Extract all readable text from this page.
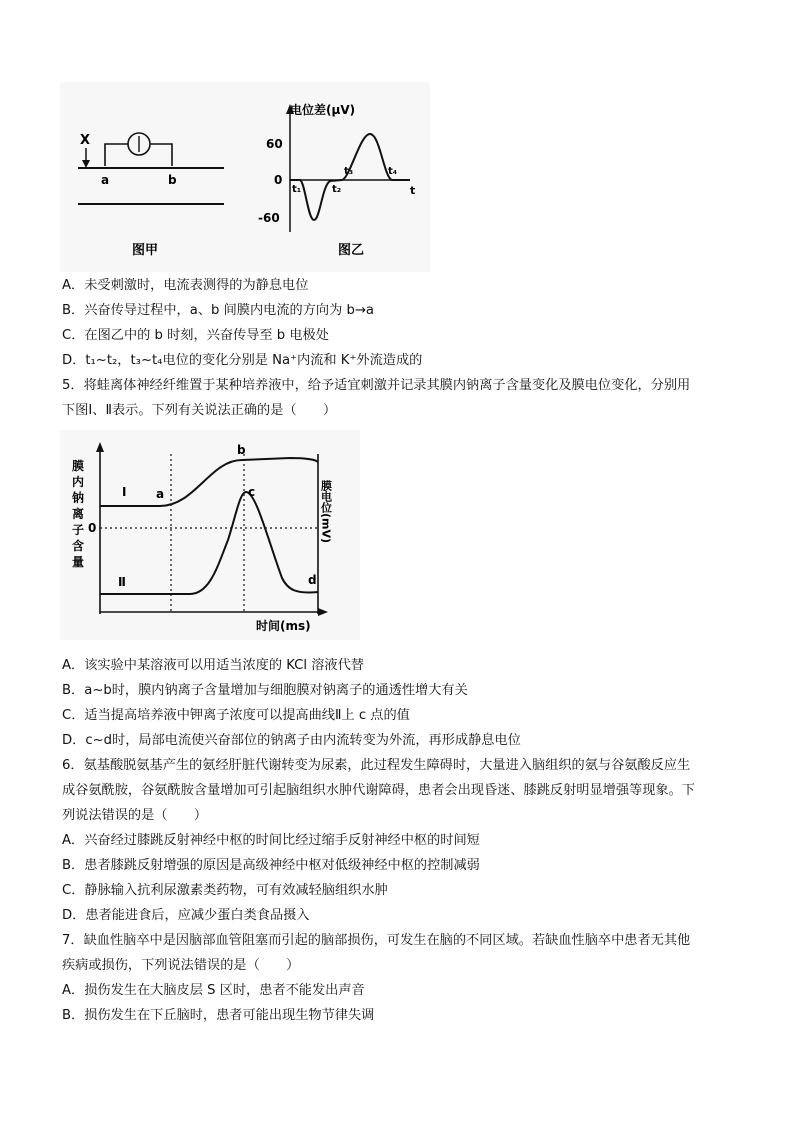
X
a	b
图甲
电位差(μV)
60
0
-60
t₁	t₂
t₃	t₄
t
图乙
A．未受刺激时，电流表测得的为静息电位
B．兴奋传导过程中，a、b 间膜内电流的方向为 b→a
C．在图乙中的 b 时刻，兴奋传导至 b 电极处
D．t₁~t₂，t₃~t₄电位的变化分别是 Na⁺内流和 K⁺外流造成的
5．将蛙离体神经纤维置于某种培养液中，给予适宜刺激并记录其膜内钠离子含量变化及膜电位变化，分别用
下图Ⅰ、Ⅱ表示。下列有关说法正确的是（　　）
膜内钠离子含量
0
Ⅰ
Ⅱ
a
b
c
d
时间(ms)
膜电位(mV)
A．该实验中某溶液可以用适当浓度的 KCl 溶液代替
B．a~b时，膜内钠离子含量增加与细胞膜对钠离子的通透性增大有关
C．适当提高培养液中钾离子浓度可以提高曲线Ⅱ上 c 点的值
D．c~d时，局部电流使兴奋部位的钠离子由内流转变为外流，再形成静息电位
6．氨基酸脱氨基产生的氨经肝脏代谢转变为尿素，此过程发生障碍时，大量进入脑组织的氨与谷氨酸反应生
成谷氨酰胺，谷氨酰胺含量增加可引起脑组织水肿代谢障碍，患者会出现昏迷、膝跳反射明显增强等现象。下
列说法错误的是（　　）
A．兴奋经过膝跳反射神经中枢的时间比经过缩手反射神经中枢的时间短
B．患者膝跳反射增强的原因是高级神经中枢对低级神经中枢的控制减弱
C．静脉输入抗利尿激素类药物，可有效减轻脑组织水肿
D．患者能进食后，应减少蛋白类食品摄入
7．缺血性脑卒中是因脑部血管阻塞而引起的脑部损伤，可发生在脑的不同区域。若缺血性脑卒中患者无其他
疾病或损伤，下列说法错误的是（　　）
A．损伤发生在大脑皮层 S 区时，患者不能发出声音
B．损伤发生在下丘脑时，患者可能出现生物节律失调
